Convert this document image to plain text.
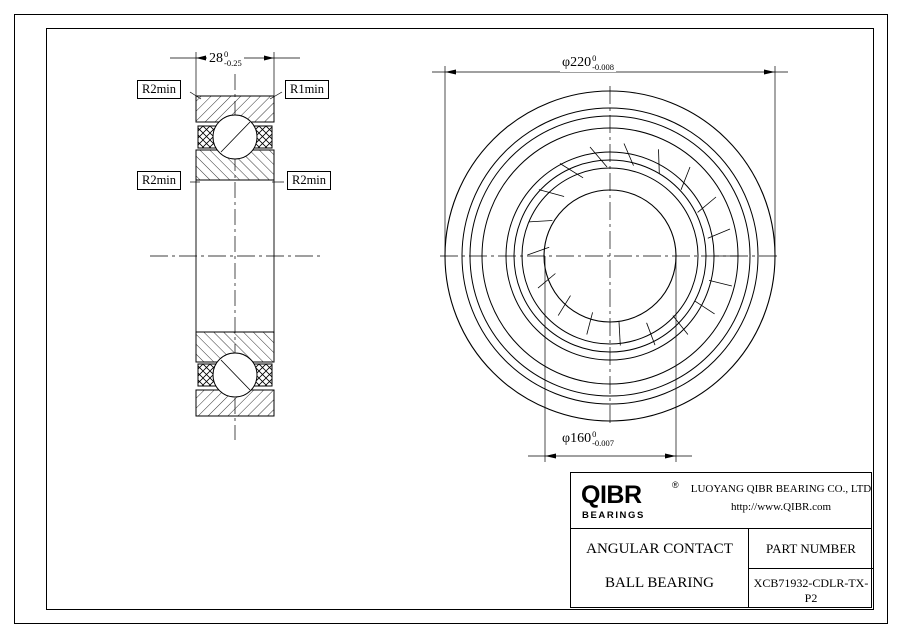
280
-0.25	φ2200
-0.008
φ1600
-0.007
R2min	R1min
R2min	R2min
QIBR	®
BEARINGS
LUOYANG QIBR BEARING CO., LTD
http://www.QIBR.com
ANGULAR CONTACT
BALL BEARING
PART NUMBER
XCB71932-CDLR-TX-P2
